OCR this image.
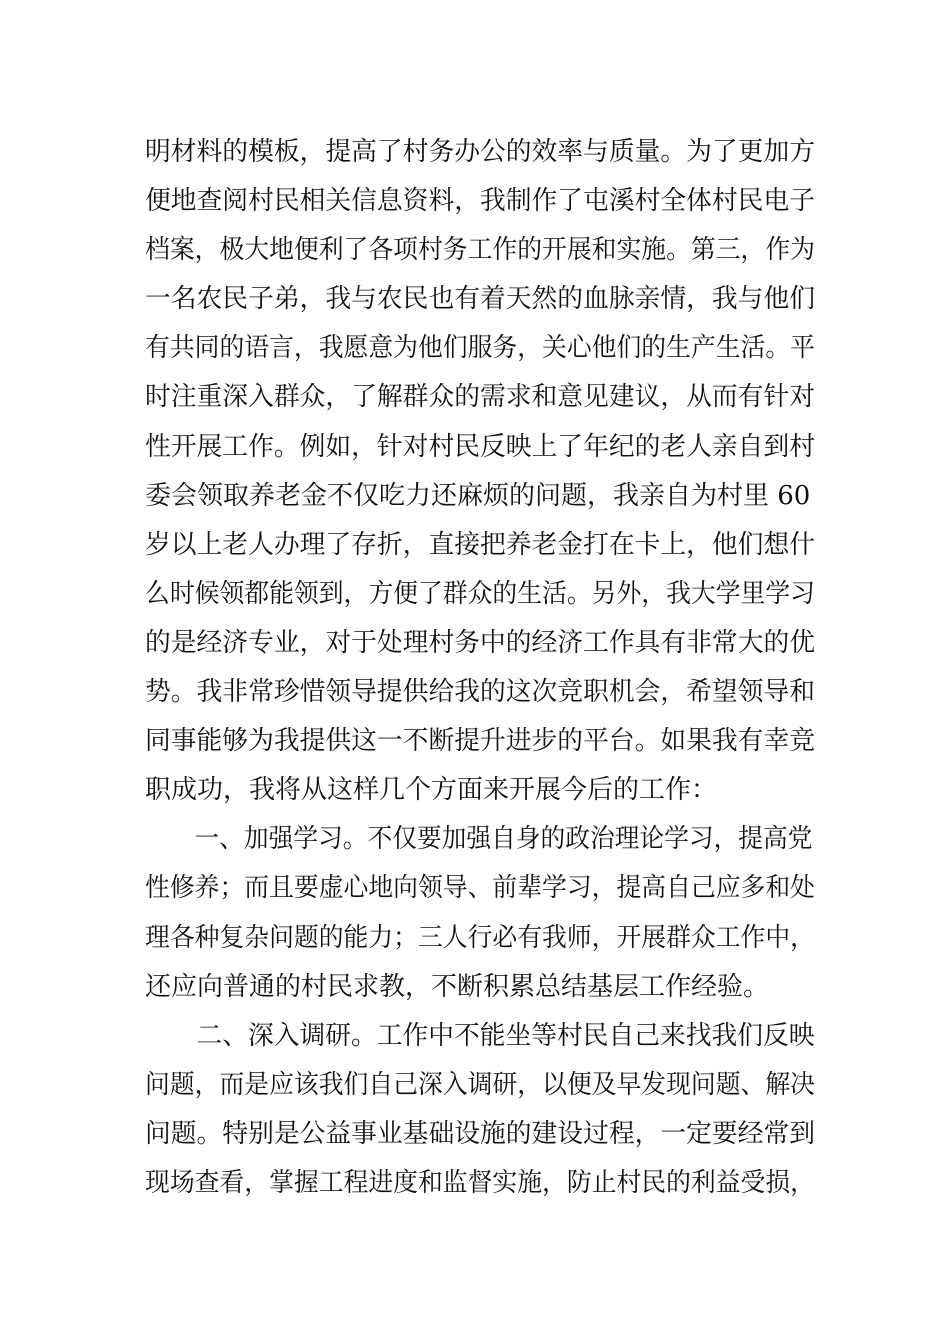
明材料的模板，提高了村务办公的效率与质量。为了更加方
便地查阅村民相关信息资料，我制作了屯溪村全体村民电子
档案，极大地便利了各项村务工作的开展和实施。第三，作为
一名农民子弟，我与农民也有着天然的血脉亲情，我与他们
有共同的语言，我愿意为他们服务，关心他们的生产生活。平
时注重深入群众，了解群众的需求和意见建议，从而有针对
性开展工作。例如，针对村民反映上了年纪的老人亲自到村
委会领取养老金不仅吃力还麻烦的问题，我亲自为村里 60
岁以上老人办理了存折，直接把养老金打在卡上，他们想什
么时候领都能领到，方便了群众的生活。另外，我大学里学习
的是经济专业，对于处理村务中的经济工作具有非常大的优
势。我非常珍惜领导提供给我的这次竞职机会，希望领导和
同事能够为我提供这一不断提升进步的平台。如果我有幸竞
职成功，我将从这样几个方面来开展今后的工作：
一、加强学习。不仅要加强自身的政治理论学习，提高党
性修养；而且要虚心地向领导、前辈学习，提高自己应多和处
理各种复杂问题的能力；三人行必有我师，开展群众工作中，
还应向普通的村民求教，不断积累总结基层工作经验。
二、深入调研。工作中不能坐等村民自己来找我们反映
问题，而是应该我们自己深入调研，以便及早发现问题、解决
问题。特别是公益事业基础设施的建设过程，一定要经常到
现场查看，掌握工程进度和监督实施，防止村民的利益受损，
